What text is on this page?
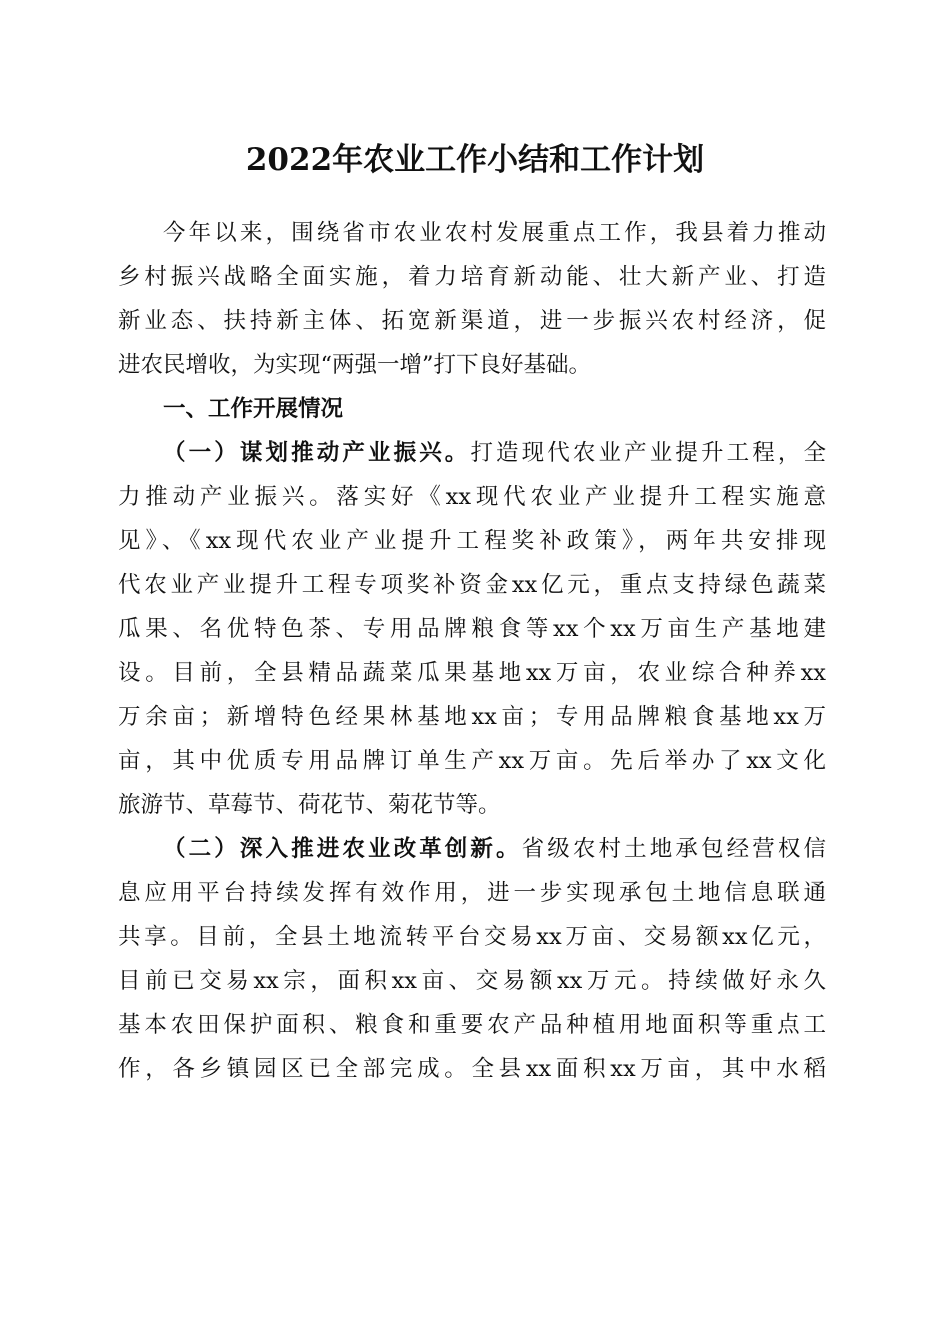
2022年农业工作小结和工作计划
今年以来，围绕省市农业农村发展重点工作，我县着力推动
乡村振兴战略全面实施，着力培育新动能、壮大新产业、打造
新业态、扶持新主体、拓宽新渠道，进一步振兴农村经济，促
进农民增收，为实现“两强一增”打下良好基础。
一、工作开展情况
（一）谋划推动产业振兴。打造现代农业产业提升工程，全
力推动产业振兴。落实好《xx现代农业产业提升工程实施意
见》、《xx现代农业产业提升工程奖补政策》，两年共安排现
代农业产业提升工程专项奖补资金xx亿元，重点支持绿色蔬菜
瓜果、名优特色茶、专用品牌粮食等xx个xx万亩生产基地建
设。目前，全县精品蔬菜瓜果基地xx万亩，农业综合种养xx
万余亩；新增特色经果林基地xx亩；专用品牌粮食基地xx万
亩，其中优质专用品牌订单生产xx万亩。先后举办了xx文化
旅游节、草莓节、荷花节、菊花节等。
（二）深入推进农业改革创新。省级农村土地承包经营权信
息应用平台持续发挥有效作用，进一步实现承包土地信息联通
共享。目前，全县土地流转平台交易xx万亩、交易额xx亿元，
目前已交易xx宗，面积xx亩、交易额xx万元。持续做好永久
基本农田保护面积、粮食和重要农产品种植用地面积等重点工
作，各乡镇园区已全部完成。全县xx面积xx万亩，其中水稻
